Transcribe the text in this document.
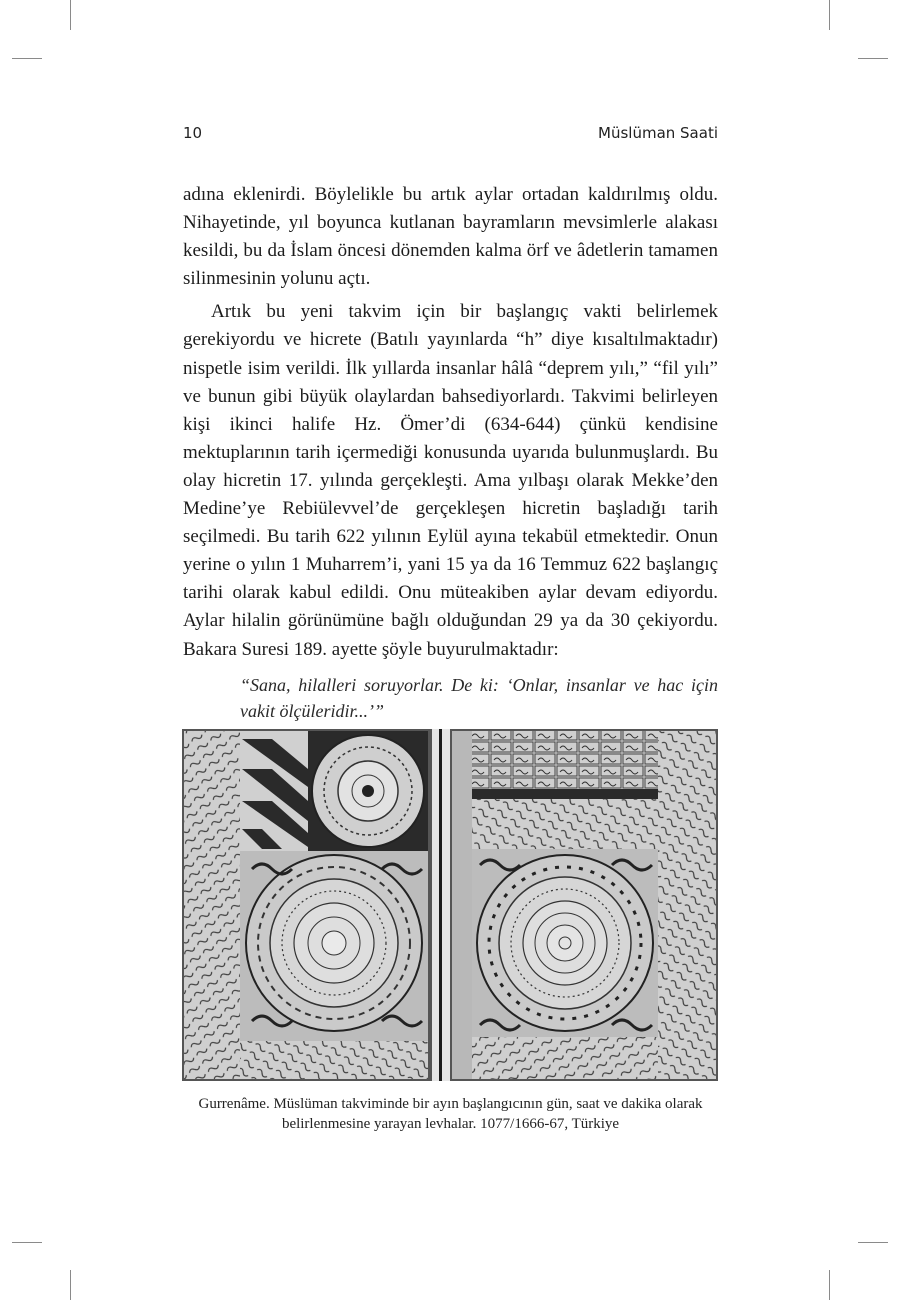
10	Müslüman Saati

adına eklenirdi. Böylelikle bu artık aylar ortadan kaldırılmış oldu. Nihayetinde, yıl boyunca kutlanan bayramların mevsimlerle alakası kesildi, bu da İslam öncesi dönemden kalma örf ve âdetlerin tamamen silinmesinin yolunu açtı.

Artık bu yeni takvim için bir başlangıç vakti belirlemek gerekiyordu ve hicrete (Batılı yayınlarda “h” diye kısaltılmaktadır) nispetle isim verildi. İlk yıllarda insanlar hâlâ “deprem yılı,” “fil yılı” ve bunun gibi büyük olaylardan bahsediyorlardı. Takvimi belirleyen kişi ikinci halife Hz. Ömer’di (634-644) çünkü kendisine mektuplarının tarih içermediği konusunda uyarıda bulunmuşlardı. Bu olay hicretin 17. yılında gerçekleşti. Ama yılbaşı olarak Mekke’den Medine’ye Rebiülevvel’de gerçekleşen hicretin başladığı tarih seçilmedi. Bu tarih 622 yılının Eylül ayına tekabül etmektedir. Onun yerine o yılın 1 Muharrem’i, yani 15 ya da 16 Temmuz 622 başlangıç tarihi olarak kabul edildi. Onu müteakiben aylar devam ediyordu. Aylar hilalin görünümüne bağlı olduğundan 29 ya da 30 çekiyordu. Bakara Suresi 189. ayette şöyle buyurulmaktadır:

“Sana, hilalleri soruyorlar. De ki: ‘Onlar, insanlar ve hac için vakit ölçüleridir...’”
Gurrenâme. Müslüman takviminde bir ayın başlangıcının gün, saat ve dakika olarak
belirlenmesine yarayan levhalar. 1077/1666-67, Türkiye
